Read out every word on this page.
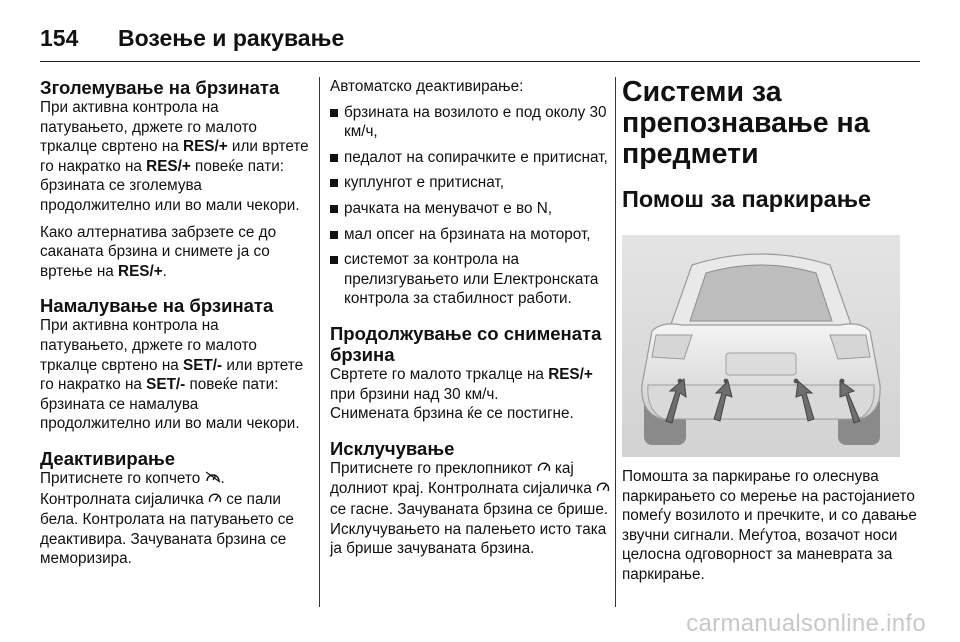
154	Возење и ракување
Зголемување на брзината

При активна контрола на патувањето, држете го малото тркалце свртено на RES/+ или вртете го накратко на RES/+ повеќе пати: брзината се зголемува продолжително или во мали чекори.

Како алтернатива забрзете се до саканата брзина и снимете ја со вртење на RES/+.

Намалување на брзината

При активна контрола на патувањето, држете го малото тркалце свртено на SET/- или вртете го накратко на SET/- повеќе пати: брзината се намалува продолжително или во мали чекори.

Деактивирање

Притиснете го копчето .

Контролната сијаличка  се пали бела. Контролата на патувањето се деактивира. Зачуваната брзина се меморизира.

Автоматско деактивирање:

брзината на возилото е под околу 30 км/ч,
педалот на сопирачките е притиснат,
куплунгот е притиснат,
рачката на менувачот е во N,
мал опсег на брзината на моторот,
системот за контрола на прелизгувањето или Електронската контрола за стабилност работи.
Продолжување со снимената брзина

Свртете го малото тркалце на RES/+ при брзини над 30 км/ч.

Снимената брзина ќе се постигне.

Исклучување

Притиснете го преклопникот  кај долниот крај. Контролната сијаличка  се гасне. Зачуваната брзина се брише. Исклучувањето на палењето исто така ја брише зачуваната брзина.

Системи за препознавање на предмети
Помош за паркирање

Помошта за паркирање го олеснува паркирањето со мерење на растојанието помеѓу возилото и пречките, и со давање звучни сигнали. Меѓутоа, возачот носи целосна одговорност за маневрата за паркирање.

carmanualsonline.info
